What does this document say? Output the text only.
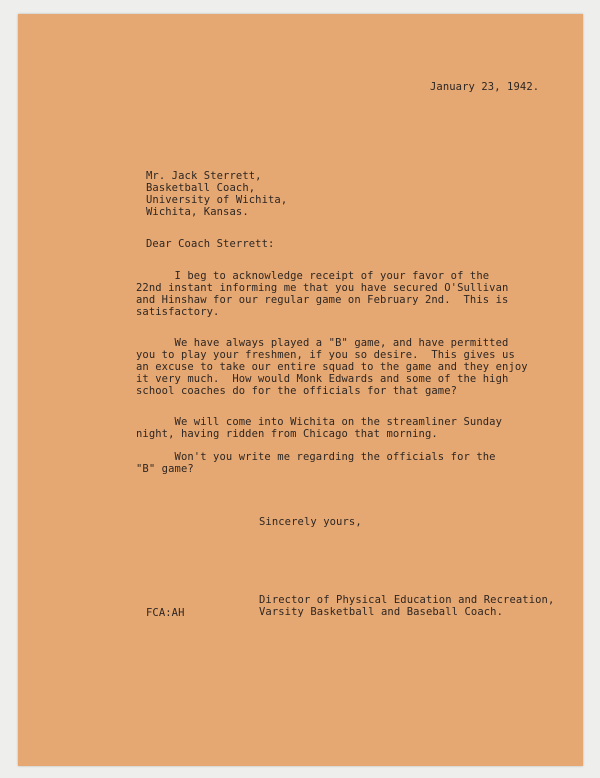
January 23, 1942.
Mr. Jack Sterrett,
Basketball Coach,
University of Wichita,
Wichita, Kansas.
Dear Coach Sterrett:
I beg to acknowledge receipt of your favor of the
22nd instant informing me that you have secured O'Sullivan
and Hinshaw for our regular game on February 2nd.  This is
satisfactory.
We have always played a "B" game, and have permitted
you to play your freshmen, if you so desire.  This gives us
an excuse to take our entire squad to the game and they enjoy
it very much.  How would Monk Edwards and some of the high
school coaches do for the officials for that game?
We will come into Wichita on the streamliner Sunday
night, having ridden from Chicago that morning.
Won't you write me regarding the officials for the
"B" game?
Sincerely yours,
Director of Physical Education and Recreation,
Varsity Basketball and Baseball Coach.
FCA:AH
